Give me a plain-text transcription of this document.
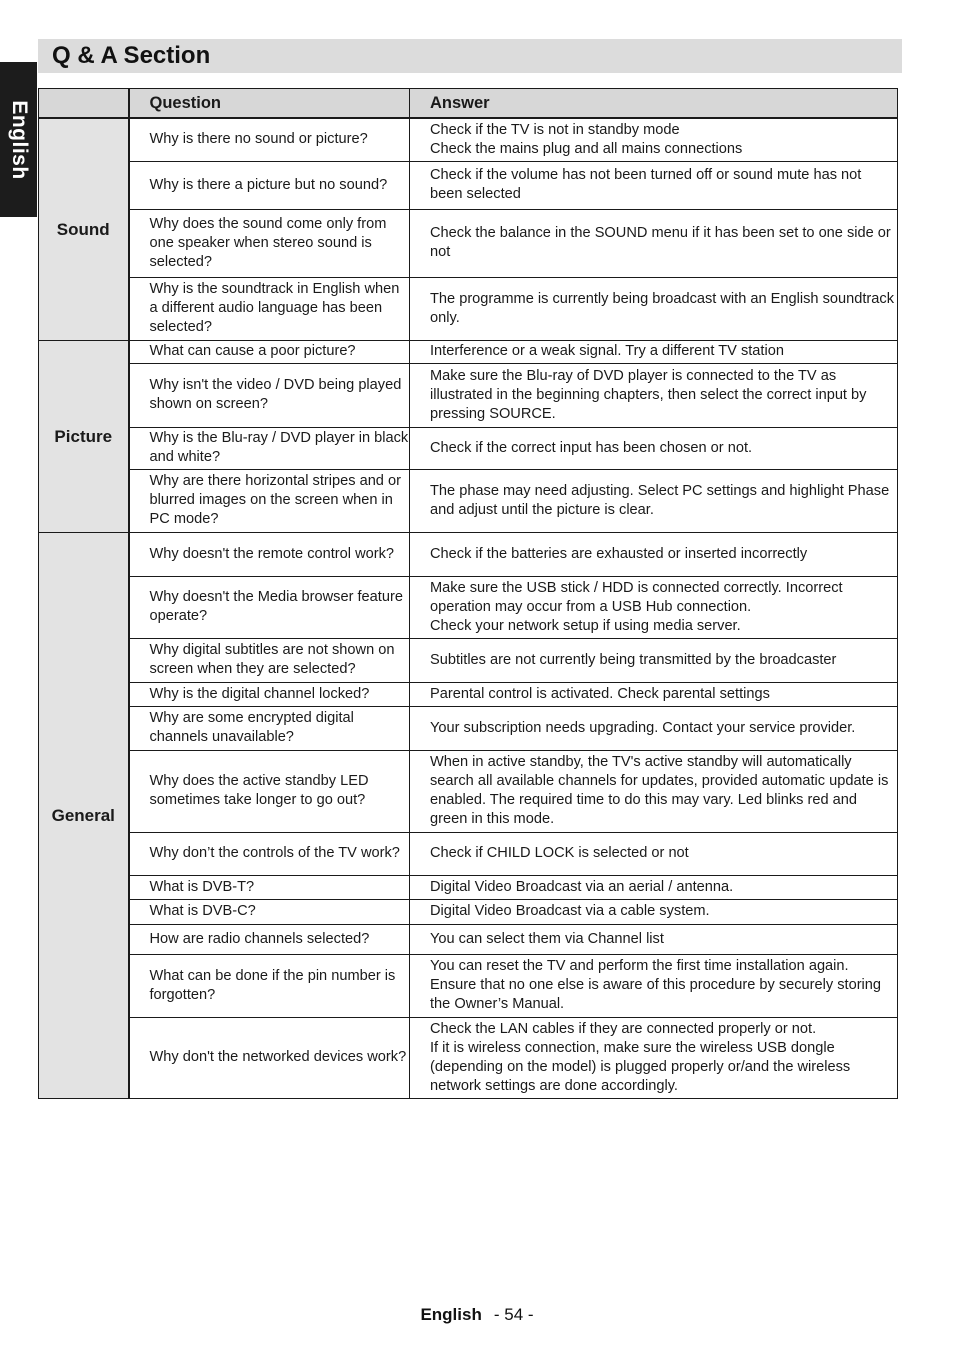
English
Q & A Section
	Question	Answer
Sound	Why is there no sound or picture?	Check if the TV is not in standby mode
Check the mains plug and all mains connections

	Why is there a picture but no sound?	Check if the volume has not been turned off or sound mute has not been selected

	Why does the sound come only from one speaker when stereo sound is selected?	Check the balance in the SOUND menu if it has been set to one side or not

	Why is the soundtrack in English when a different audio language has been selected?	The programme is currently being broadcast with an English soundtrack only.

Picture	What can cause a poor picture?	Interference or a weak signal. Try a different TV station

	Why isn't the video / DVD being played shown on screen?	Make sure the Blu-ray of DVD player is connected to the TV as illustrated in the beginning chapters, then select the correct input by pressing SOURCE.

	Why is the Blu-ray / DVD player in black and white?	Check if the correct input has been chosen or not.

	Why are there horizontal stripes and or blurred images on the screen when in PC mode?	The phase may need adjusting. Select PC settings and highlight Phase and adjust until the picture is clear.

General	Why doesn't the remote control work?	Check if the batteries are exhausted or inserted incorrectly

	Why doesn't the Media browser feature operate?	Make sure the USB stick / HDD is connected correctly. Incorrect operation may occur from a USB Hub connection.
Check your network setup if using media server.

	Why digital subtitles are not shown on screen when they are selected?	Subtitles are not currently being transmitted by the broadcaster

	Why is the digital channel locked?	Parental control is activated. Check parental settings

	Why are some encrypted digital channels unavailable?	Your subscription needs upgrading. Contact your service provider.

	Why does the active standby LED sometimes take longer to go out?	When in active standby, the TV's active standby will automatically search all available channels for updates, provided automatic update is enabled. The required time to do this may vary. Led blinks red and green in this mode.

	Why don’t the controls of the TV work?	Check if CHILD LOCK is selected or not

	What is DVB-T?	Digital Video Broadcast via an aerial / antenna.

	What is DVB-C?	Digital Video Broadcast via a cable system.

	How are radio channels selected?	You can select them via Channel list

	What can be done if the pin number is forgotten?	You can reset the TV and perform the first time installation again. Ensure that no one else is aware of this procedure by securely storing the Owner’s Manual.

	Why don't the networked devices work?	Check the LAN cables if they are connected properly or not.
If it is wireless connection, make sure the wireless USB dongle (depending on the model) is plugged properly or/and the wireless network settings are done accordingly.
English - 54 -
